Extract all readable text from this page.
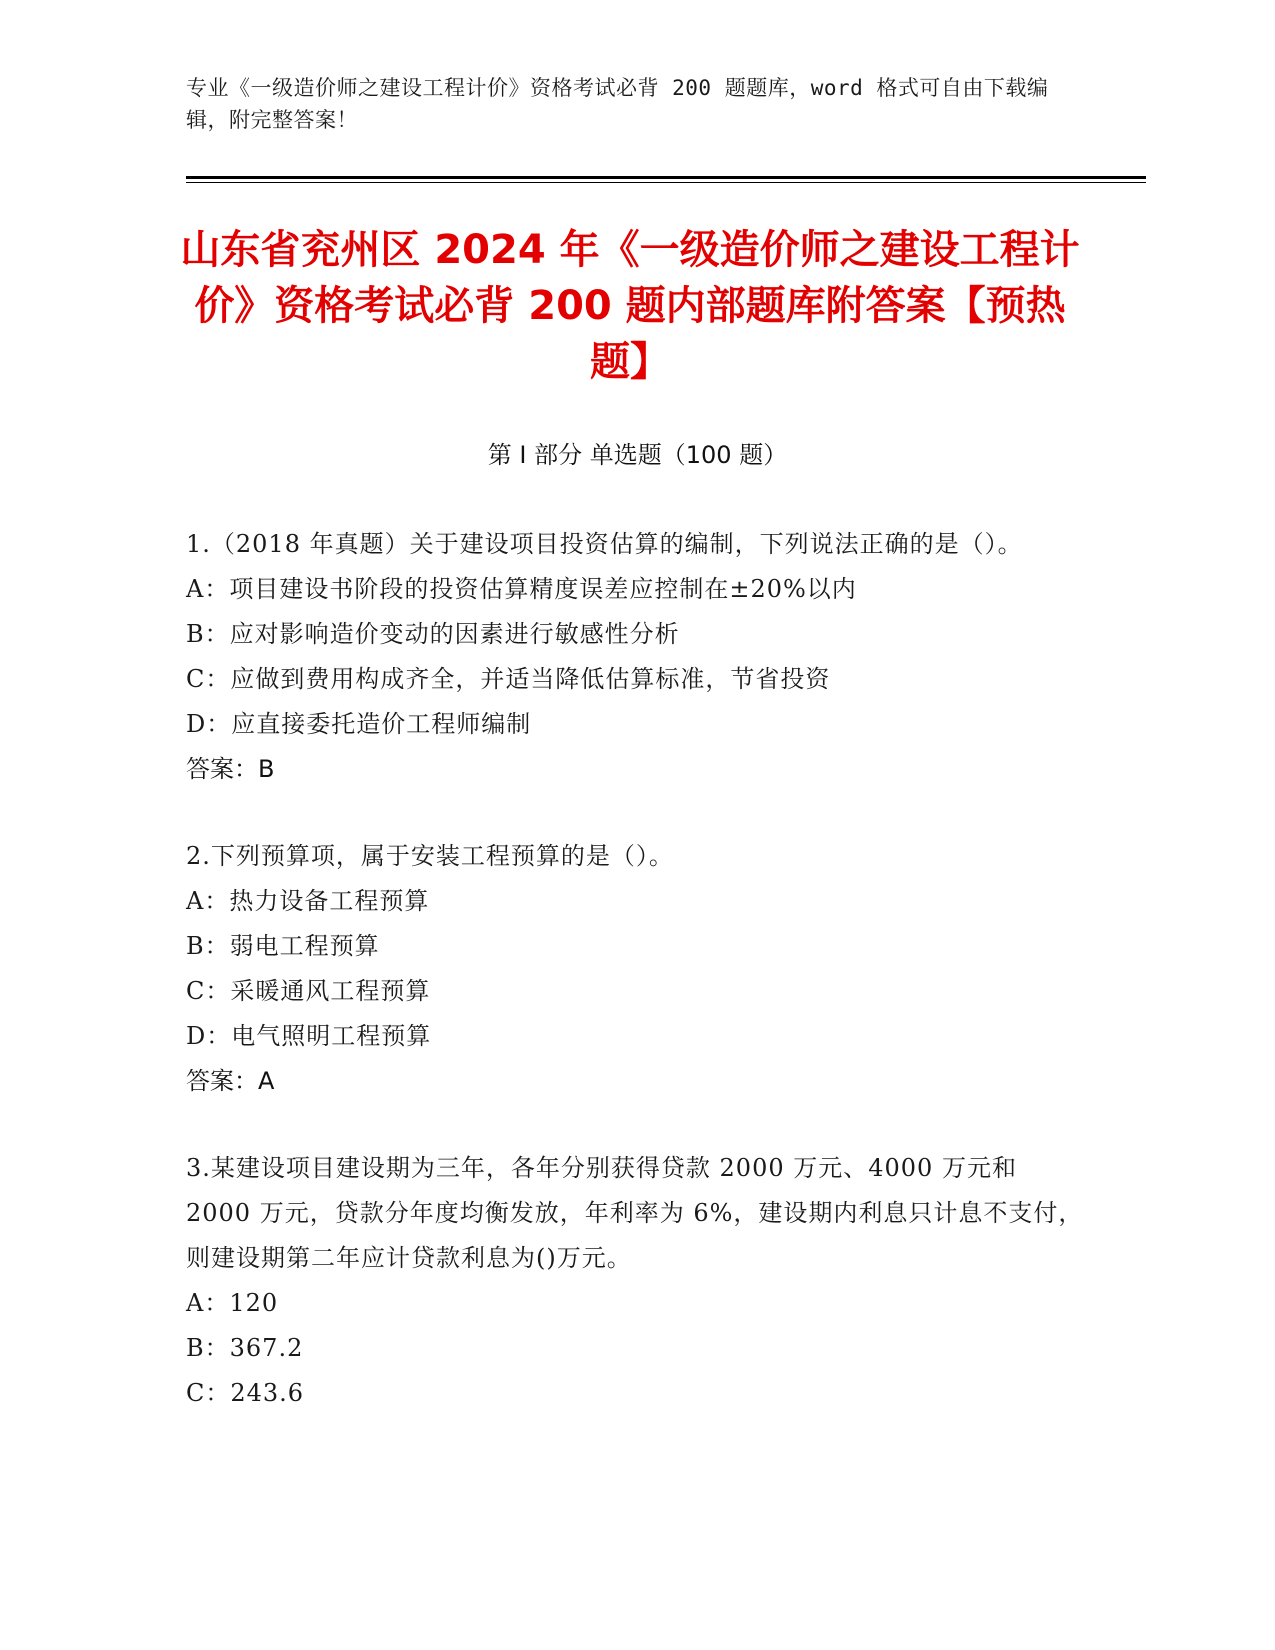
专业《一级造价师之建设工程计价》资格考试必背 200 题题库，word 格式可自由下载编辑，附完整答案！
山东省兖州区 2024 年《一级造价师之建设工程计价》资格考试必背 200 题内部题库附答案【预热题】
第 I 部分 单选题（100 题）
1.（2018 年真题）关于建设项目投资估算的编制，下列说法正确的是（）。
A：项目建设书阶段的投资估算精度误差应控制在±20%以内
B：应对影响造价变动的因素进行敏感性分析
C：应做到费用构成齐全，并适当降低估算标准，节省投资
D：应直接委托造价工程师编制
答案：B
2.下列预算项，属于安装工程预算的是（）。
A：热力设备工程预算
B：弱电工程预算
C：采暖通风工程预算
D：电气照明工程预算
答案：A
3.某建设项目建设期为三年，各年分别获得贷款 2000 万元、4000 万元和 2000 万元，贷款分年度均衡发放，年利率为 6%，建设期内利息只计息不支付，则建设期第二年应计贷款利息为()万元。
A：120
B：367.2
C：243.6
